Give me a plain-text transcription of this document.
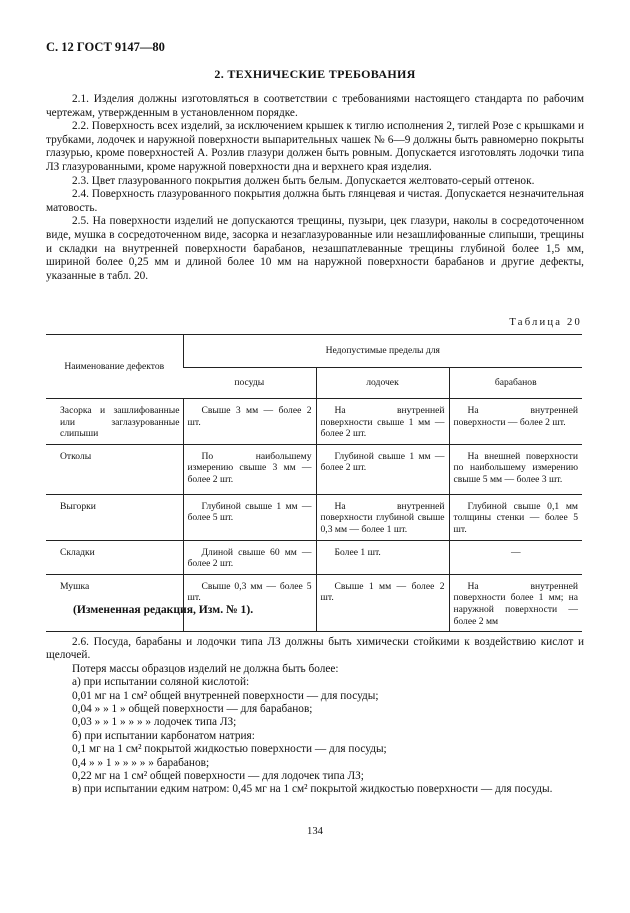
С. 12 ГОСТ 9147—80
2. ТЕХНИЧЕСКИЕ ТРЕБОВАНИЯ

2.1. Изделия должны изготовляться в соответствии с требованиями настоящего стандарта по рабочим чертежам, утвержденным в установленном порядке.

2.2. Поверхность всех изделий, за исключением крышек к тиглю исполнения 2, тиглей Розе с крышками и трубками, лодочек и наружной поверхности выпарительных чашек № 6—9 должны быть равномерно покрыты глазурью, кроме поверхностей А. Розлив глазури должен быть ровным. Допускается изготовлять лодочки типа ЛЗ глазурованными, кроме наружной поверхности дна и верхнего края изделия.

2.3. Цвет глазурованного покрытия должен быть белым. Допускается желтовато-серый оттенок.

2.4. Поверхность глазурованного покрытия должна быть глянцевая и чистая. Допускается незначительная матовость.

2.5. На поверхности изделий не допускаются трещины, пузыри, цек глазури, наколы в сосредоточенном виде, мушка в сосредоточенном виде, засорка и незаглазурованные или незашлифованные слипыши, трещины и складки на внутренней поверхности барабанов, незашпатлеванные трещины глубиной более 1,5 мм, шириной более 0,25 мм и длиной более 10 мм на наружной поверхности барабанов и другие дефекты, указанные в табл. 20.

Таблица 20
Наименование дефектов	Недопустимые пределы для		
	посуды	лодочек	барабанов
Засорка и зашлифованные или заглазурованные слипыши	Свыше 3 мм — более 2 шт.	На внутренней поверхности свыше 1 мм — более 2 шт.	На внутренней поверхности — более 2 шт.

Отколы	По наибольшему измерению свыше 3 мм — более 2 шт.	Глубиной свыше 1 мм — более 2 шт.	На внешней поверхности по наибольшему измерению свыше 5 мм — более 3 шт.

Выгорки	Глубиной свыше 1 мм — более 5 шт.	На внутренней поверхности глубиной свыше 0,3 мм — более 1 шт.	Глубиной свыше 0,1 мм толщины стенки — более 5 шт.

Складки	Длиной свыше 60 мм — более 2 шт.	Более 1 шт.	—
Мушка	Свыше 0,3 мм — более 5 шт.	Свыше 1 мм — более 2 шт.	На внутренней поверхности более 1 мм; на наружной поверхности — более 2 мм
(Измененная редакция, Изм. № 1).

2.6. Посуда, барабаны и лодочки типа ЛЗ должны быть химически стойкими к воздействию кислот и щелочей.

Потеря массы образцов изделий не должна быть более:

а) при испытании соляной кислотой:

0,01 мг на 1 см² общей внутренней поверхности — для посуды;

0,04 » » 1 » общей поверхности — для барабанов;

0,03 » » 1 » » » » лодочек типа ЛЗ;

б) при испытании карбонатом натрия:

0,1 мг на 1 см² покрытой жидкостью поверхности — для посуды;

0,4 » » 1 » » » » » барабанов;

0,22 мг на 1 см² общей поверхности — для лодочек типа ЛЗ;

в) при испытании едким натром: 0,45 мг на 1 см² покрытой жидкостью поверхности — для посуды.

134
